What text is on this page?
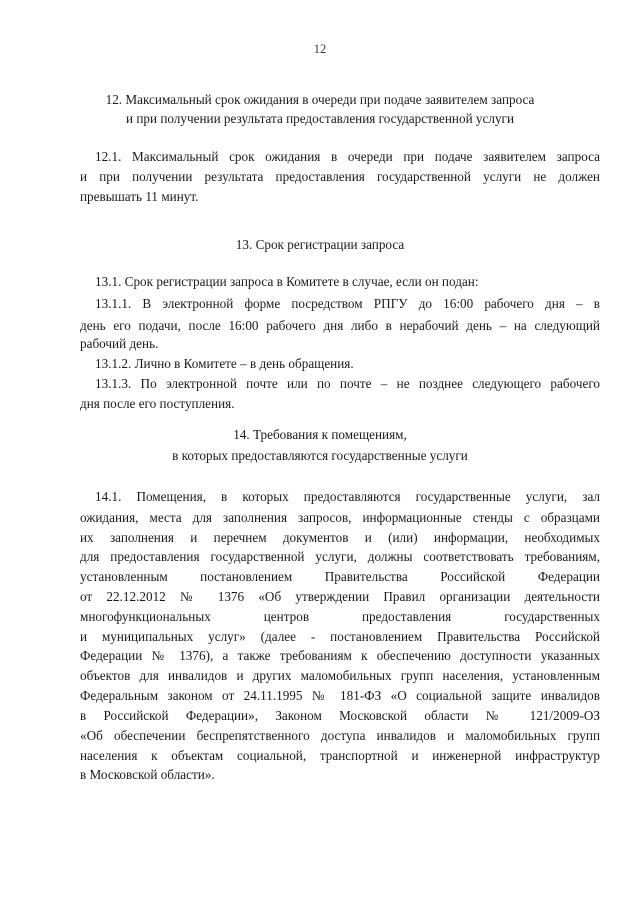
12
12. Максимальный срок ожидания в очереди при подаче заявителем запроса
и при получении результата предоставления государственной услуги
12.1. Максимальный срок ожидания в очереди при подаче заявителем запроса
и при получении результата предоставления государственной услуги не должен
превышать 11 минут.
13. Срок регистрации запроса
13.1. Срок регистрации запроса в Комитете в случае, если он подан:
13.1.1. В электронной форме посредством РПГУ до 16:00 рабочего дня – в
день его подачи, после 16:00 рабочего дня либо в нерабочий день – на следующий
рабочий день.
13.1.2. Лично в Комитете – в день обращения.
13.1.3. По электронной почте или по почте – не позднее следующего рабочего
дня после его поступления.
14. Требования к помещениям,
в которых предоставляются государственные услуги
14.1. Помещения, в которых предоставляются государственные услуги, зал
ожидания, места для заполнения запросов, информационные стенды с образцами
их заполнения и перечнем документов и (или) информации, необходимых
для предоставления государственной услуги, должны соответствовать требованиям,
установленным постановлением Правительства Российской Федерации
от 22.12.2012 № 1376 «Об утверждении Правил организации деятельности
многофункциональных центров предоставления государственных
и муниципальных услуг» (далее - постановлением Правительства Российской
Федерации № 1376), а также требованиям к обеспечению доступности указанных
объектов для инвалидов и других маломобильных групп населения, установленным
Федеральным законом от 24.11.1995 № 181-ФЗ «О социальной защите инвалидов
в Российской Федерации», Законом Московской области № 121/2009-ОЗ
«Об обеспечении беспрепятственного доступа инвалидов и маломобильных групп
населения к объектам социальной, транспортной и инженерной инфраструктур
в Московской области».
